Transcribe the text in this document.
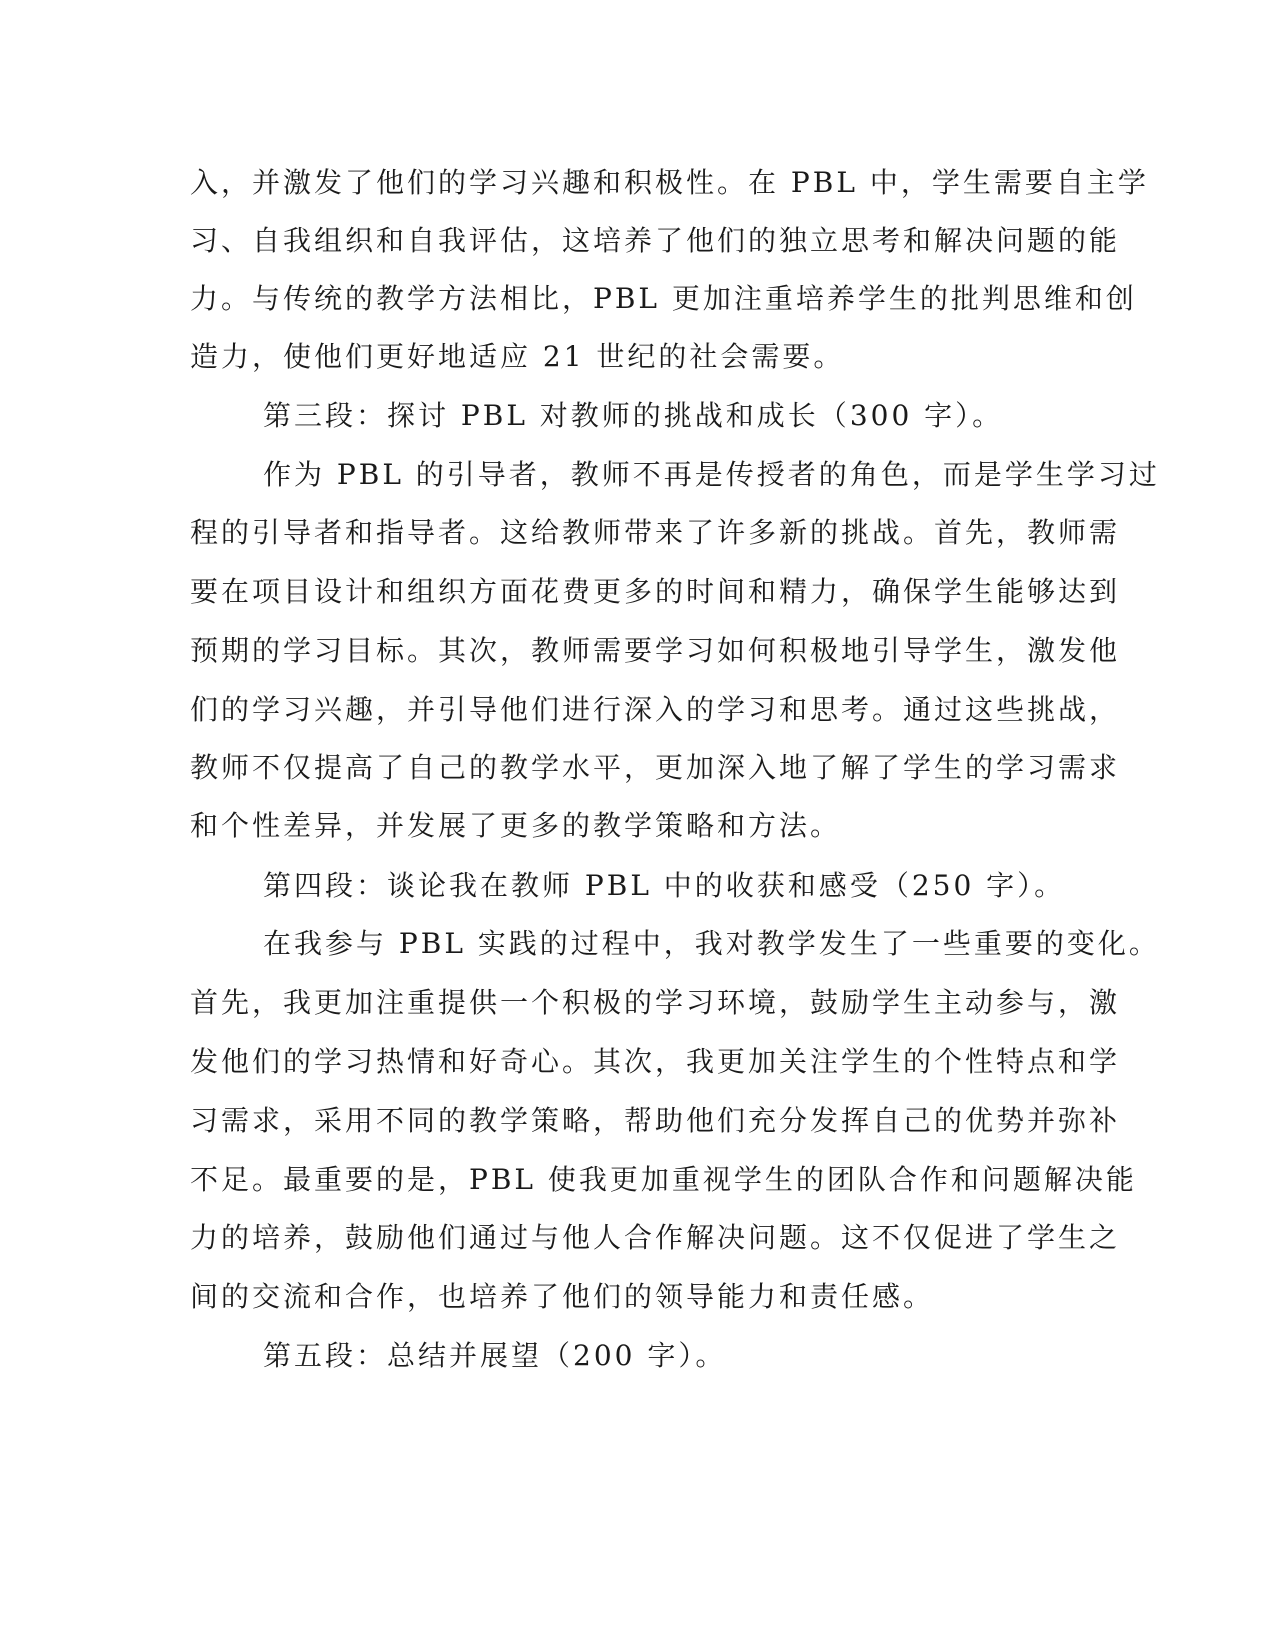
入，并激发了他们的学习兴趣和积极性。在 PBL 中，学生需要自主学
习、自我组织和自我评估，这培养了他们的独立思考和解决问题的能
力。与传统的教学方法相比，PBL 更加注重培养学生的批判思维和创
造力，使他们更好地适应 21 世纪的社会需要。
第三段：探讨 PBL 对教师的挑战和成长（300 字）。
作为 PBL 的引导者，教师不再是传授者的角色，而是学生学习过
程的引导者和指导者。这给教师带来了许多新的挑战。首先，教师需
要在项目设计和组织方面花费更多的时间和精力，确保学生能够达到
预期的学习目标。其次，教师需要学习如何积极地引导学生，激发他
们的学习兴趣，并引导他们进行深入的学习和思考。通过这些挑战，
教师不仅提高了自己的教学水平，更加深入地了解了学生的学习需求
和个性差异，并发展了更多的教学策略和方法。
第四段：谈论我在教师 PBL 中的收获和感受（250 字）。
在我参与 PBL 实践的过程中，我对教学发生了一些重要的变化。
首先，我更加注重提供一个积极的学习环境，鼓励学生主动参与，激
发他们的学习热情和好奇心。其次，我更加关注学生的个性特点和学
习需求，采用不同的教学策略，帮助他们充分发挥自己的优势并弥补
不足。最重要的是，PBL 使我更加重视学生的团队合作和问题解决能
力的培养，鼓励他们通过与他人合作解决问题。这不仅促进了学生之
间的交流和合作，也培养了他们的领导能力和责任感。
第五段：总结并展望（200 字）。
